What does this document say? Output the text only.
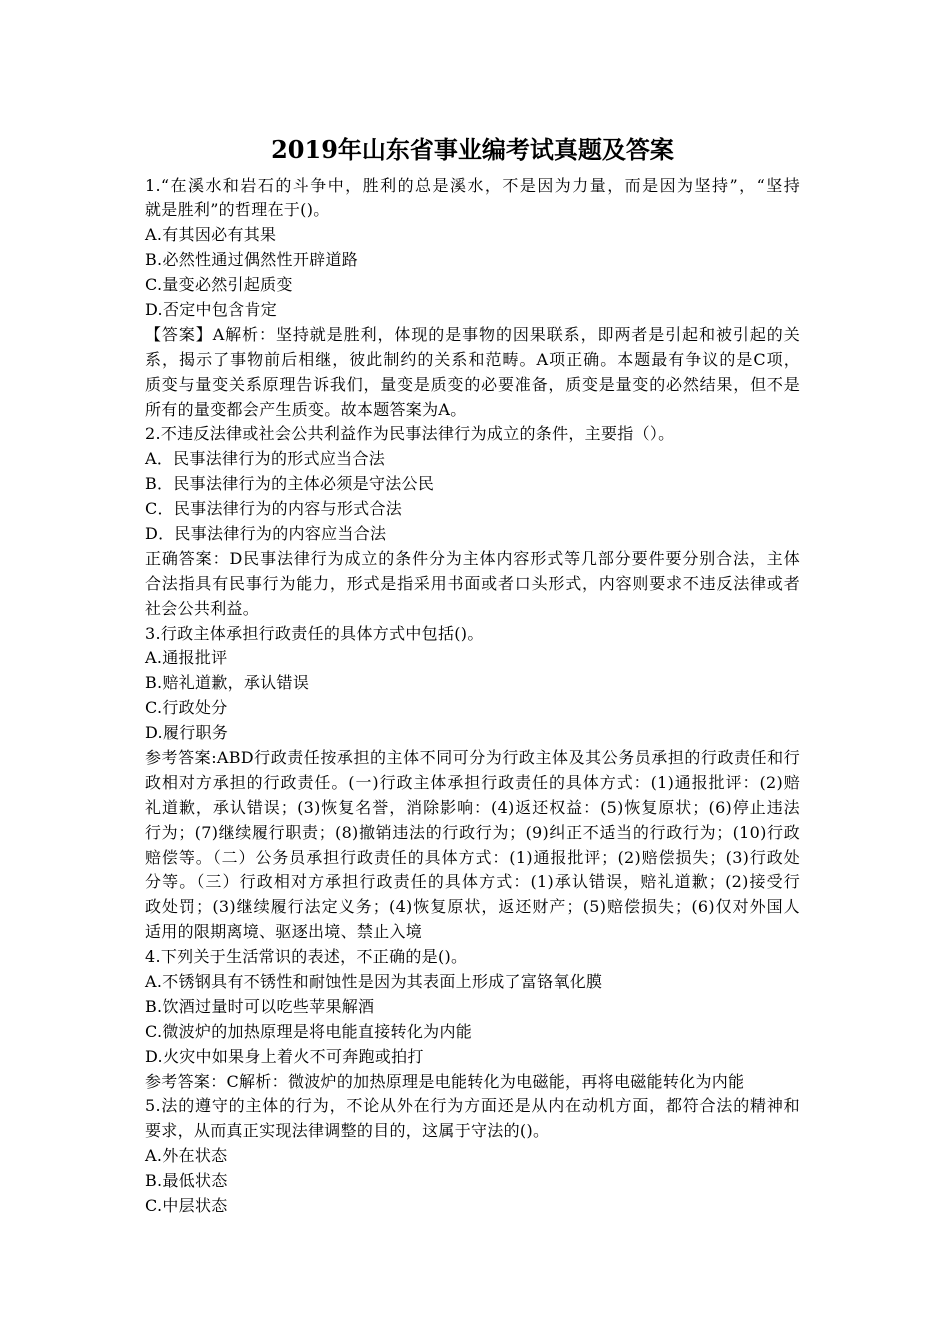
2019年山东省事业编考试真题及答案
1.“在溪水和岩石的斗争中，胜利的总是溪水，不是因为力量，而是因为坚持”，“坚持
就是胜利”的哲理在于()。
A.有其因必有其果
B.必然性通过偶然性开辟道路
C.量变必然引起质变
D.否定中包含肯定
【答案】A解析：坚持就是胜利，体现的是事物的因果联系，即两者是引起和被引起的关
系，揭示了事物前后相继，彼此制约的关系和范畴。A项正确。本题最有争议的是C项，
质变与量变关系原理告诉我们，量变是质变的必要准备，质变是量变的必然结果，但不是
所有的量变都会产生质变。故本题答案为A。
2.不违反法律或社会公共利益作为民事法律行为成立的条件，主要指（）。
A．民事法律行为的形式应当合法
B．民事法律行为的主体必须是守法公民
C．民事法律行为的内容与形式合法
D．民事法律行为的内容应当合法
正确答案：D民事法律行为成立的条件分为主体内容形式等几部分要件要分别合法，主体
合法指具有民事行为能力，形式是指采用书面或者口头形式，内容则要求不违反法律或者
社会公共利益。
3.行政主体承担行政责任的具体方式中包括()。
A.通报批评
B.赔礼道歉，承认错误
C.行政处分
D.履行职务
参考答案:ABD行政责任按承担的主体不同可分为行政主体及其公务员承担的行政责任和行
政相对方承担的行政责任。(一)行政主体承担行政责任的具体方式：(1)通报批评：(2)赔
礼道歉，承认错误；(3)恢复名誉，消除影响：(4)返还权益：(5)恢复原状；(6)停止违法
行为；(7)继续履行职责；(8)撤销违法的行政行为；(9)纠正不适当的行政行为；(10)行政
赔偿等。（二）公务员承担行政责任的具体方式：(1)通报批评；(2)赔偿损失；(3)行政处
分等。（三）行政相对方承担行政责任的具体方式：(1)承认错误，赔礼道歉；(2)接受行
政处罚；(3)继续履行法定义务；(4)恢复原状，返还财产；(5)赔偿损失；(6)仅对外国人
适用的限期离境、驱逐出境、禁止入境
4.下列关于生活常识的表述，不正确的是()。
A.不锈钢具有不锈性和耐蚀性是因为其表面上形成了富铬氧化膜
B.饮酒过量时可以吃些苹果解酒
C.微波炉的加热原理是将电能直接转化为内能
D.火灾中如果身上着火不可奔跑或拍打
参考答案：C解析：微波炉的加热原理是电能转化为电磁能，再将电磁能转化为内能
5.法的遵守的主体的行为，不论从外在行为方面还是从内在动机方面，都符合法的精神和
要求，从而真正实现法律调整的目的，这属于守法的()。
A.外在状态
B.最低状态
C.中层状态
